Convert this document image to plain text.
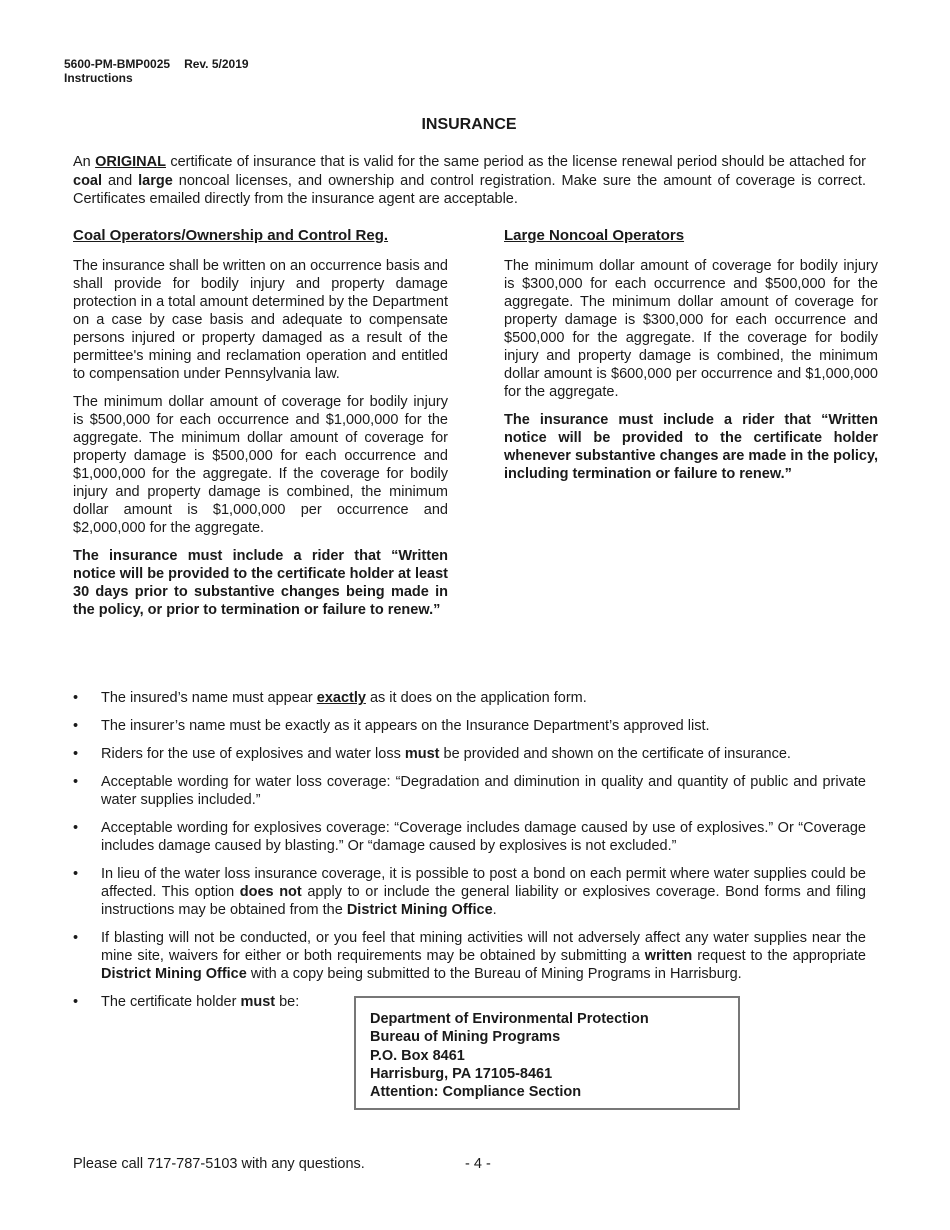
5600-PM-BMP0025 Rev. 5/2019
Instructions
INSURANCE
An ORIGINAL certificate of insurance that is valid for the same period as the license renewal period should be attached for coal and large noncoal licenses, and ownership and control registration. Make sure the amount of coverage is correct. Certificates emailed directly from the insurance agent are acceptable.
Coal Operators/Ownership and Control Reg.

The insurance shall be written on an occurrence basis and shall provide for bodily injury and property damage protection in a total amount determined by the Department on a case by case basis and adequate to compensate persons injured or property damaged as a result of the permittee's mining and reclamation operation and entitled to compensation under Pennsylvania law.

The minimum dollar amount of coverage for bodily injury is $500,000 for each occurrence and $1,000,000 for the aggregate. The minimum dollar amount of coverage for property damage is $500,000 for each occurrence and $1,000,000 for the aggregate. If the coverage for bodily injury and property damage is combined, the minimum dollar amount is $1,000,000 per occurrence and $2,000,000 for the aggregate.

The insurance must include a rider that “Written notice will be provided to the certificate holder at least 30 days prior to substantive changes being made in the policy, or prior to termination or failure to renew.”

Large Noncoal Operators

The minimum dollar amount of coverage for bodily injury is $300,000 for each occurrence and $500,000 for the aggregate. The minimum dollar amount of coverage for property damage is $300,000 for each occurrence and $500,000 for the aggregate. If the coverage for bodily injury and property damage is combined, the minimum dollar amount is $600,000 per occurrence and $1,000,000 for the aggregate.

The insurance must include a rider that “Written notice will be provided to the certificate holder whenever substantive changes are made in the policy, including termination or failure to renew.”

• The insured’s name must appear exactly as it does on the application form.
• The insurer’s name must be exactly as it appears on the Insurance Department’s approved list.
• Riders for the use of explosives and water loss must be provided and shown on the certificate of insurance.
• Acceptable wording for water loss coverage: “Degradation and diminution in quality and quantity of public and private water supplies included.”
• Acceptable wording for explosives coverage: “Coverage includes damage caused by use of explosives.” Or “Coverage includes damage caused by blasting.” Or “damage caused by explosives is not excluded.”
• In lieu of the water loss insurance coverage, it is possible to post a bond on each permit where water supplies could be affected. This option does not apply to or include the general liability or explosives coverage. Bond forms and filing instructions may be obtained from the District Mining Office.
• If blasting will not be conducted, or you feel that mining activities will not adversely affect any water supplies near the mine site, waivers for either or both requirements may be obtained by submitting a written request to the appropriate District Mining Office with a copy being submitted to the Bureau of Mining Programs in Harrisburg.
• The certificate holder must be:
Department of Environmental Protection
Bureau of Mining Programs
P.O. Box 8461
Harrisburg, PA 17105-8461
Attention: Compliance Section
Please call 717-787-5103 with any questions.	- 4 -
